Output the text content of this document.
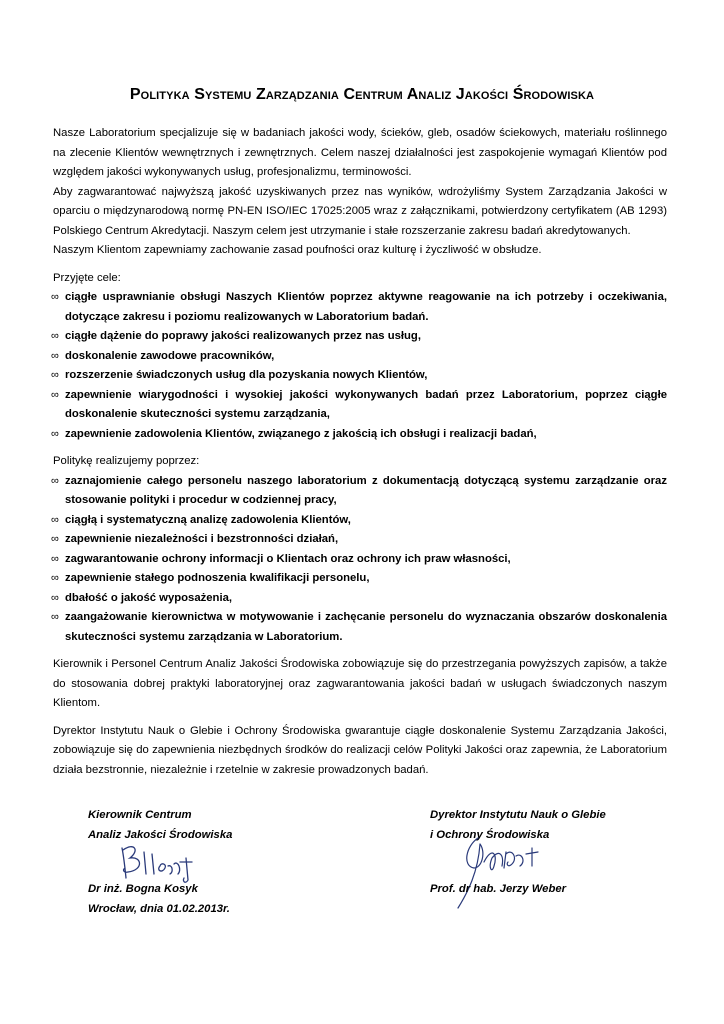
Polityka Systemu Zarządzania Centrum Analiz Jakości Środowiska

Nasze Laboratorium specjalizuje się w badaniach jakości wody, ścieków, gleb, osadów ściekowych, materiału roślinnego na zlecenie Klientów wewnętrznych i zewnętrznych. Celem naszej działalności jest zaspokojenie wymagań Klientów pod względem jakości wykonywanych usług, profesjonalizmu, terminowości.

Aby zagwarantować najwyższą jakość uzyskiwanych przez nas wyników, wdrożyliśmy System Zarządzania Jakości w oparciu o międzynarodową normę PN-EN ISO/IEC 17025:2005 wraz z załącznikami, potwierdzony certyfikatem (AB 1293) Polskiego Centrum Akredytacji. Naszym celem jest utrzymanie i stałe rozszerzanie zakresu badań akredytowanych.

Naszym Klientom zapewniamy zachowanie zasad poufności oraz kulturę i życzliwość w obsłudze.

Przyjęte cele:

∞ ciągłe usprawnianie obsługi Naszych Klientów poprzez aktywne reagowanie na ich potrzeby i oczekiwania, dotyczące zakresu i poziomu realizowanych w Laboratorium badań.

∞ ciągłe dążenie do poprawy jakości realizowanych przez nas usług,

∞ doskonalenie zawodowe pracowników,

∞ rozszerzenie świadczonych usług dla pozyskania nowych Klientów,

∞ zapewnienie wiarygodności i wysokiej jakości wykonywanych badań przez Laboratorium, poprzez ciągłe doskonalenie skuteczności systemu zarządzania,

∞ zapewnienie zadowolenia Klientów, związanego z jakością ich obsługi i realizacji badań,

Politykę realizujemy poprzez:

∞ zaznajomienie całego personelu naszego laboratorium z dokumentacją dotyczącą systemu zarządzanie oraz stosowanie polityki i procedur w codziennej pracy,

∞ ciągłą i systematyczną analizę zadowolenia Klientów,

∞ zapewnienie niezależności i bezstronności działań,

∞ zagwarantowanie ochrony informacji o Klientach oraz ochrony ich praw własności,

∞ zapewnienie stałego podnoszenia kwalifikacji personelu,

∞ dbałość o jakość wyposażenia,

∞ zaangażowanie kierownictwa w motywowanie i zachęcanie personelu do wyznaczania obszarów doskonalenia skuteczności systemu zarządzania w Laboratorium.

Kierownik i Personel Centrum Analiz Jakości Środowiska zobowiązuje się do przestrzegania powyższych zapisów, a także do stosowania dobrej praktyki laboratoryjnej oraz zagwarantowania jakości badań w usługach świadczonych naszym Klientom.

Dyrektor Instytutu Nauk o Glebie i Ochrony Środowiska gwarantuje ciągłe doskonalenie Systemu Zarządzania Jakości, zobowiązuje się do zapewnienia niezbędnych środków do realizacji celów Polityki Jakości oraz zapewnia, że Laboratorium działa bezstronnie, niezależnie i rzetelnie w zakresie prowadzonych badań.

Kierownik Centrum
Analiz Jakości Środowiska
Dr inż. Bogna Kosyk
Wrocław, dnia 01.02.2013r.
Dyrektor Instytutu Nauk o Glebie
i Ochrony Środowiska
Prof. dr hab. Jerzy Weber
